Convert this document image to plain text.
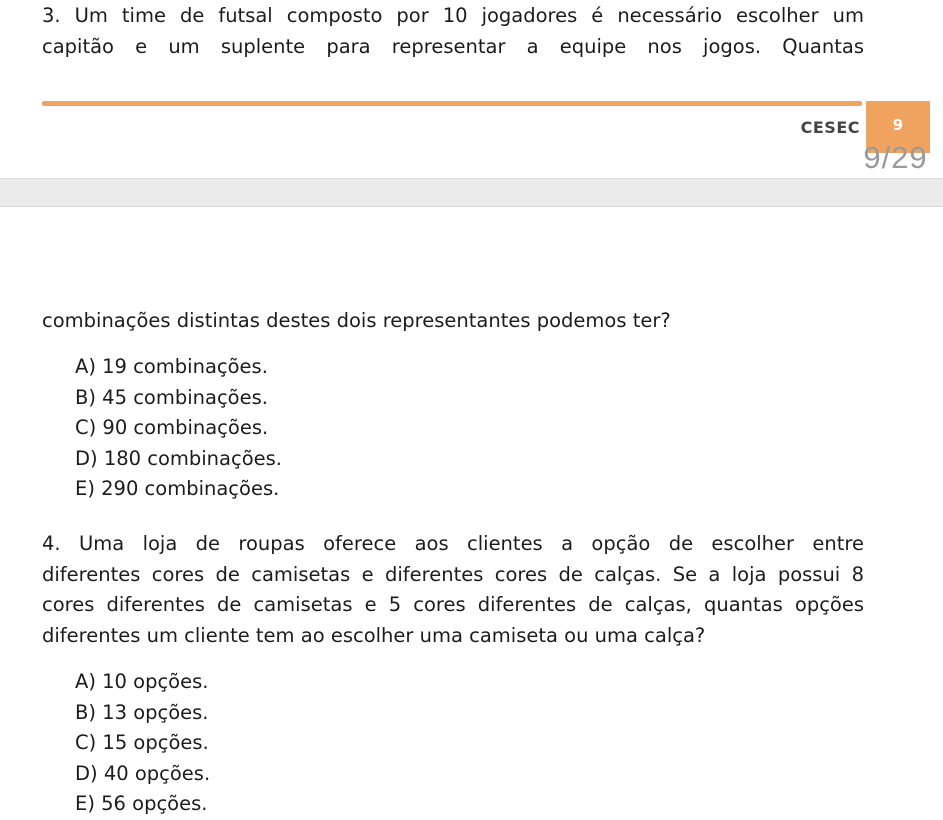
3. Um time de futsal composto por 10 jogadores é necessário escolher um
capitão e um suplente para representar a equipe nos jogos. Quantas
CESEC	9
9/29
combinações distintas destes dois representantes podemos ter?
A) 19 combinações.
B) 45 combinações.
C) 90 combinações.
D) 180 combinações.
E) 290 combinações.
4. Uma loja de roupas oferece aos clientes a opção de escolher entre
diferentes cores de camisetas e diferentes cores de calças. Se a loja possui 8
cores diferentes de camisetas e 5 cores diferentes de calças, quantas opções
diferentes um cliente tem ao escolher uma camiseta ou uma calça?
A) 10 opções.
B) 13 opções.
C) 15 opções.
D) 40 opções.
E) 56 opções.
